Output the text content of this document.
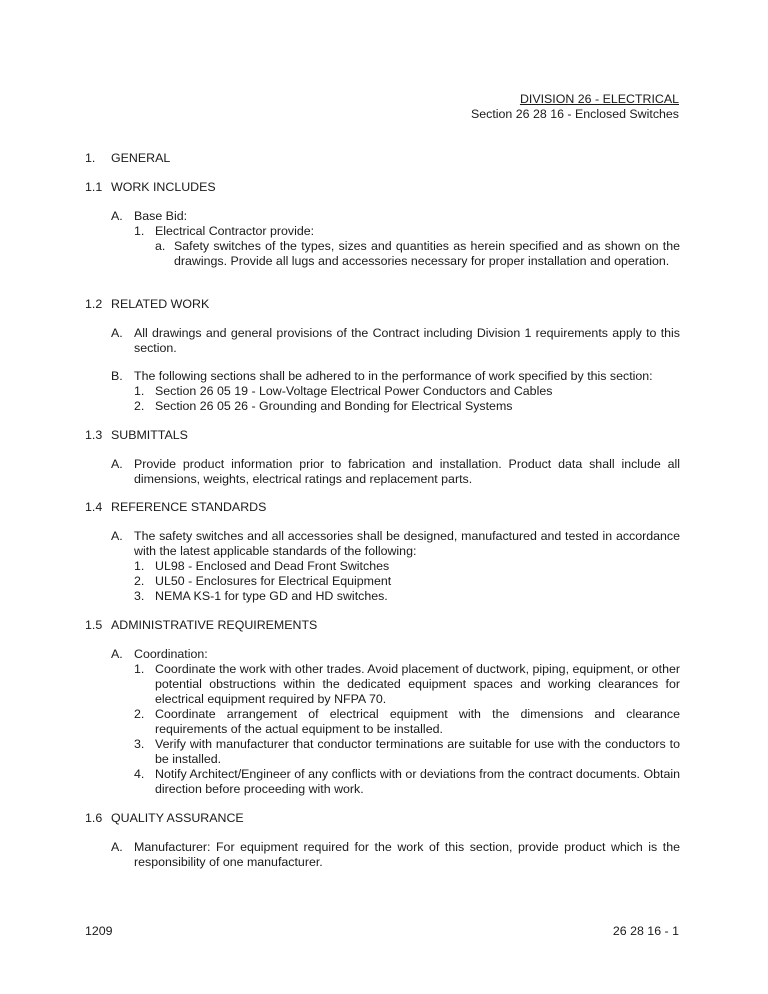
DIVISION 26 - ELECTRICAL

Section 26 28 16 - Enclosed Switches

1. GENERAL
1.1 WORK INCLUDES
A. Base Bid:
1. Electrical Contractor provide:
a. Safety switches of the types, sizes and quantities as herein specified and as shown on the drawings. Provide all lugs and accessories necessary for proper installation and operation.
1.2 RELATED WORK
A. All drawings and general provisions of the Contract including Division 1 requirements apply to this section.
B. The following sections shall be adhered to in the performance of work specified by this section:
1. Section 26 05 19 - Low-Voltage Electrical Power Conductors and Cables
2. Section 26 05 26 - Grounding and Bonding for Electrical Systems
1.3 SUBMITTALS
A. Provide product information prior to fabrication and installation. Product data shall include all dimensions, weights, electrical ratings and replacement parts.
1.4 REFERENCE STANDARDS
A. The safety switches and all accessories shall be designed, manufactured and tested in accordance with the latest applicable standards of the following:
1. UL98 - Enclosed and Dead Front Switches
2. UL50 - Enclosures for Electrical Equipment
3. NEMA KS-1 for type GD and HD switches.
1.5 ADMINISTRATIVE REQUIREMENTS
A. Coordination:
1. Coordinate the work with other trades. Avoid placement of ductwork, piping, equipment, or other potential obstructions within the dedicated equipment spaces and working clearances for electrical equipment required by NFPA 70.
2. Coordinate arrangement of electrical equipment with the dimensions and clearance requirements of the actual equipment to be installed.
3. Verify with manufacturer that conductor terminations are suitable for use with the conductors to be installed.
4. Notify Architect/Engineer of any conflicts with or deviations from the contract documents. Obtain direction before proceeding with work.
1.6 QUALITY ASSURANCE
A. Manufacturer: For equipment required for the work of this section, provide product which is the responsibility of one manufacturer.
1209	26 28 16 - 1
